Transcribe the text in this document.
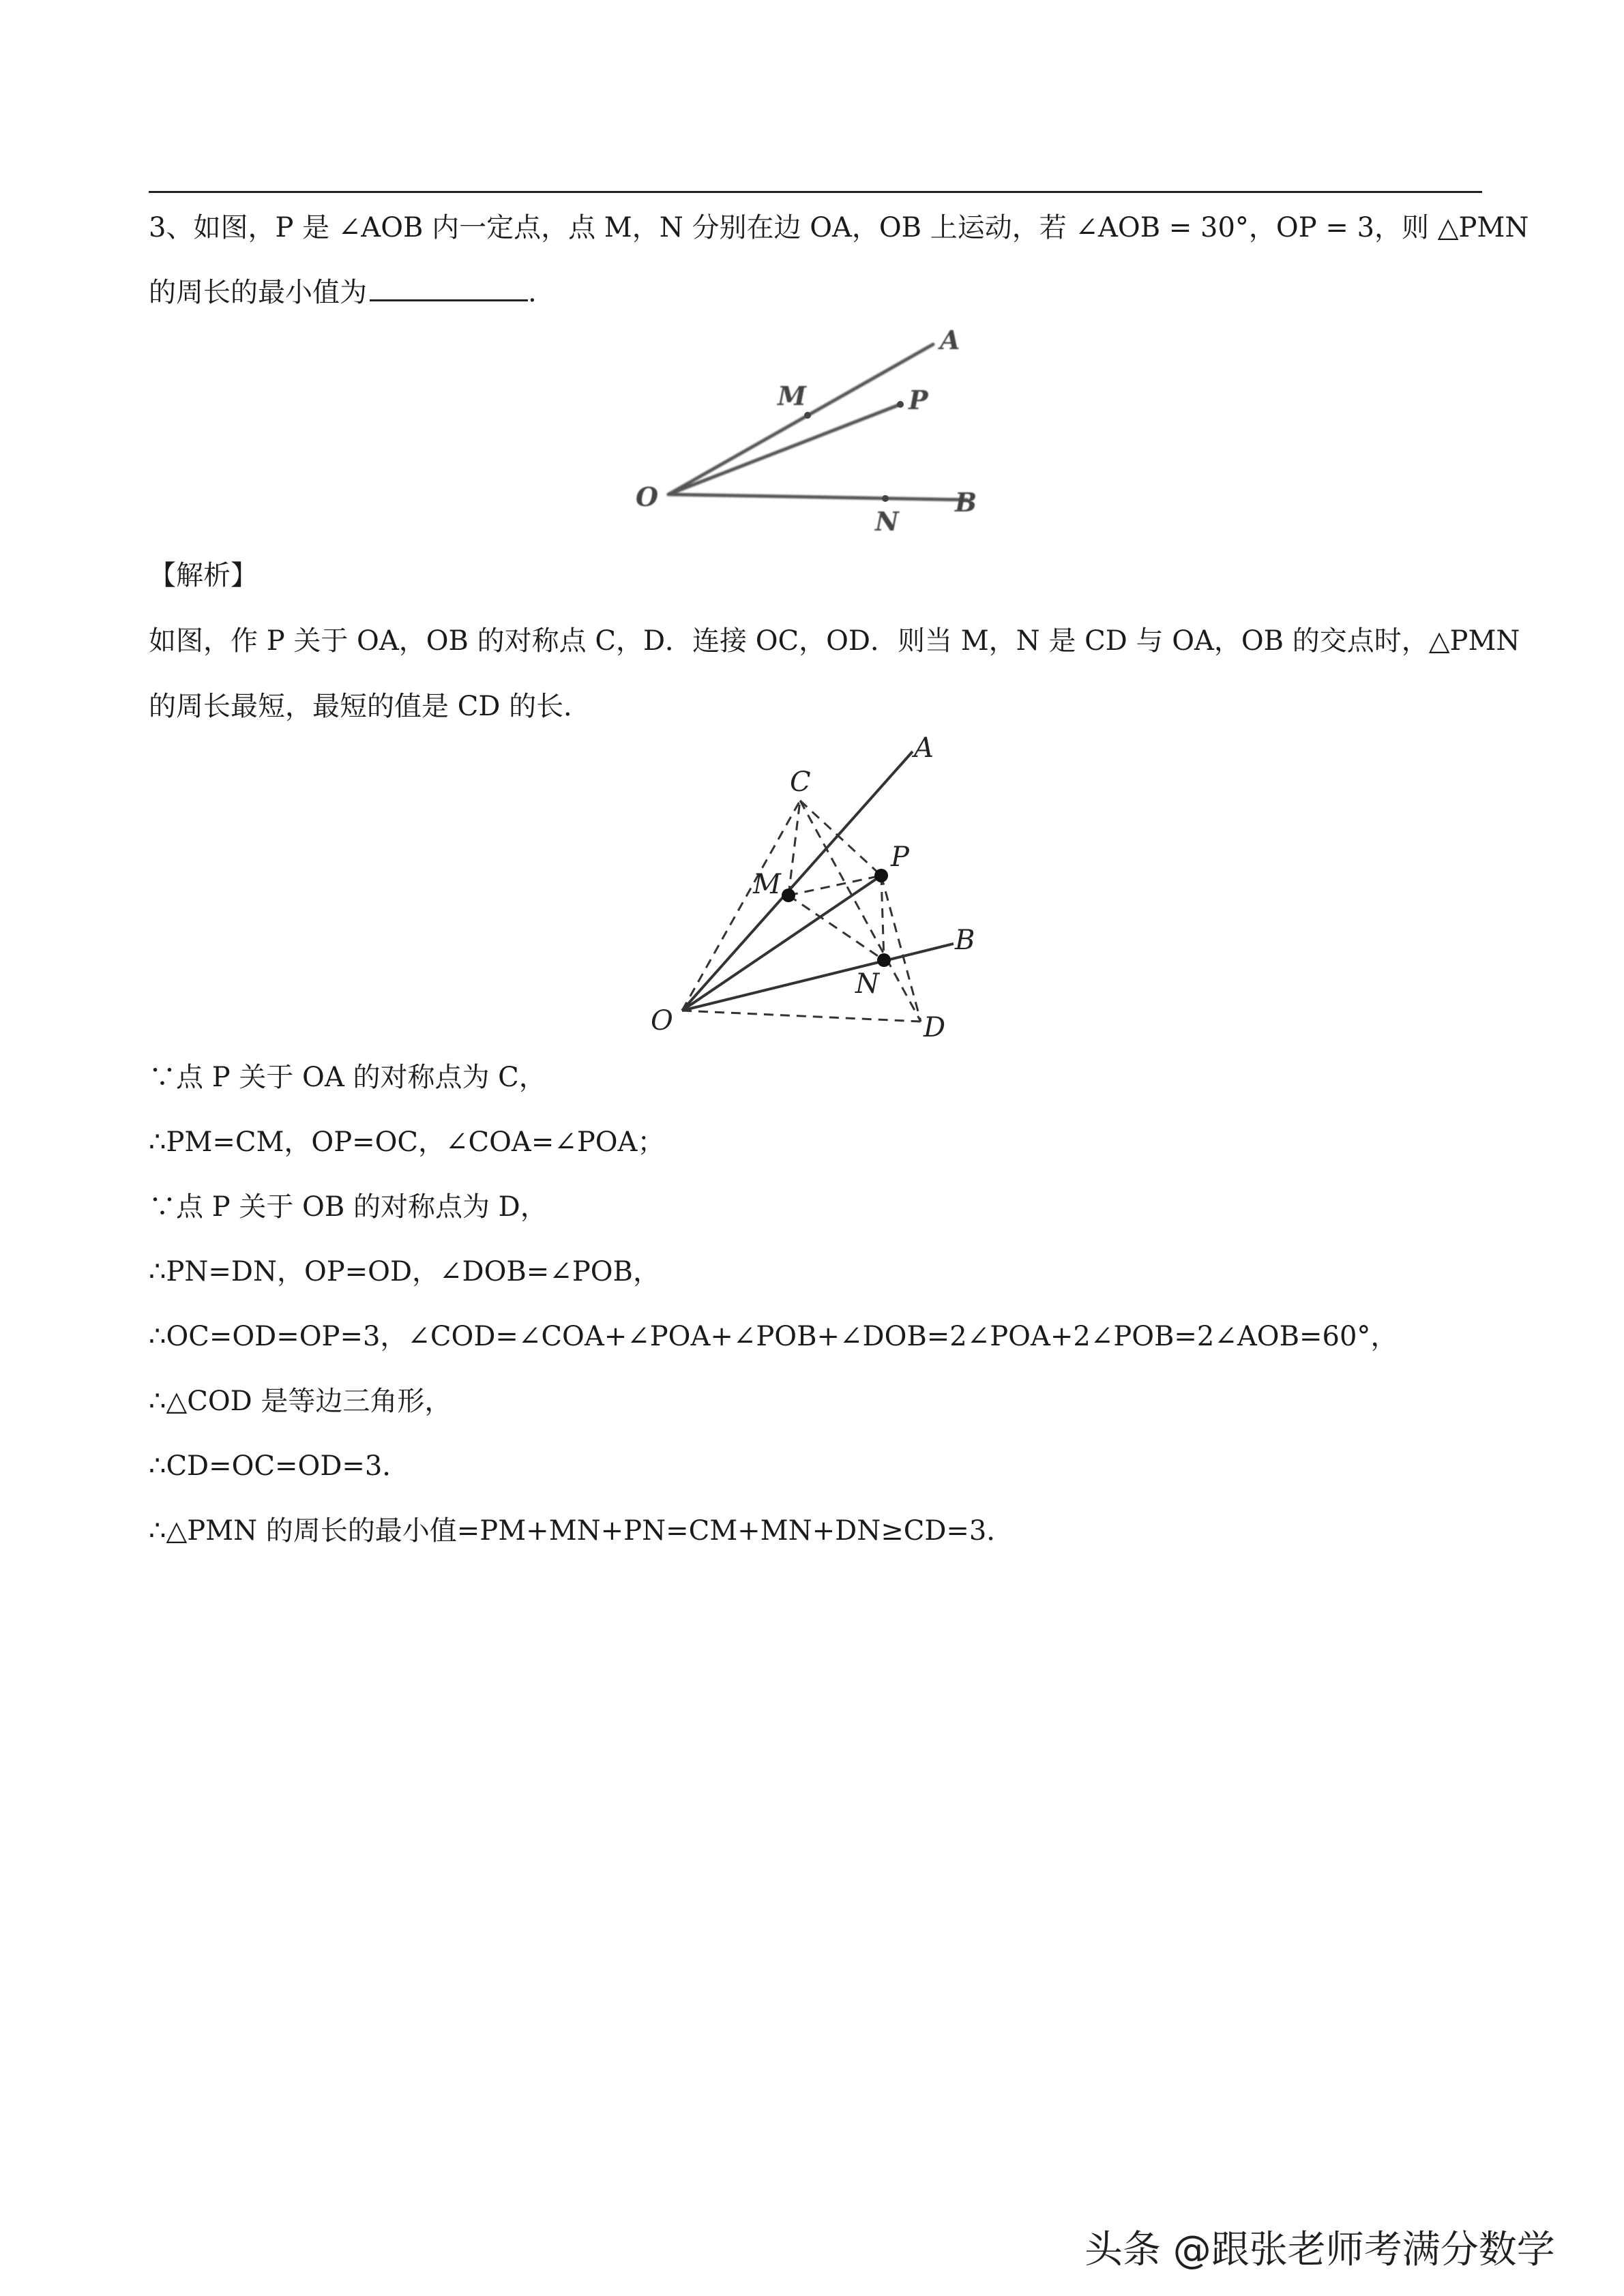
3、如图，P 是 ∠AOB 内一定点，点 M，N 分别在边 OA，OB 上运动，若 ∠AOB = 30°，OP = 3，则 △PMN
的周长的最小值为	.
A
M	P
O
N
B
【解析】
如图，作 P 关于 OA，OB 的对称点 C，D．连接 OC，OD．则当 M，N 是 CD 与 OA，OB 的交点时，△PMN
的周长最短，最短的值是 CD 的长．
C
A
P
M
B
N
O	D
∵点 P 关于 OA 的对称点为 C，
∴PM=CM，OP=OC，∠COA=∠POA；
∵点 P 关于 OB 的对称点为 D，
∴PN=DN，OP=OD，∠DOB=∠POB，
∴OC=OD=OP=3，∠COD=∠COA+∠POA+∠POB+∠DOB=2∠POA+2∠POB=2∠AOB=60°，
∴△COD 是等边三角形，
∴CD=OC=OD=3．
∴△PMN 的周长的最小值=PM+MN+PN=CM+MN+DN≥CD=3．
头条 @跟张老师考满分数学
